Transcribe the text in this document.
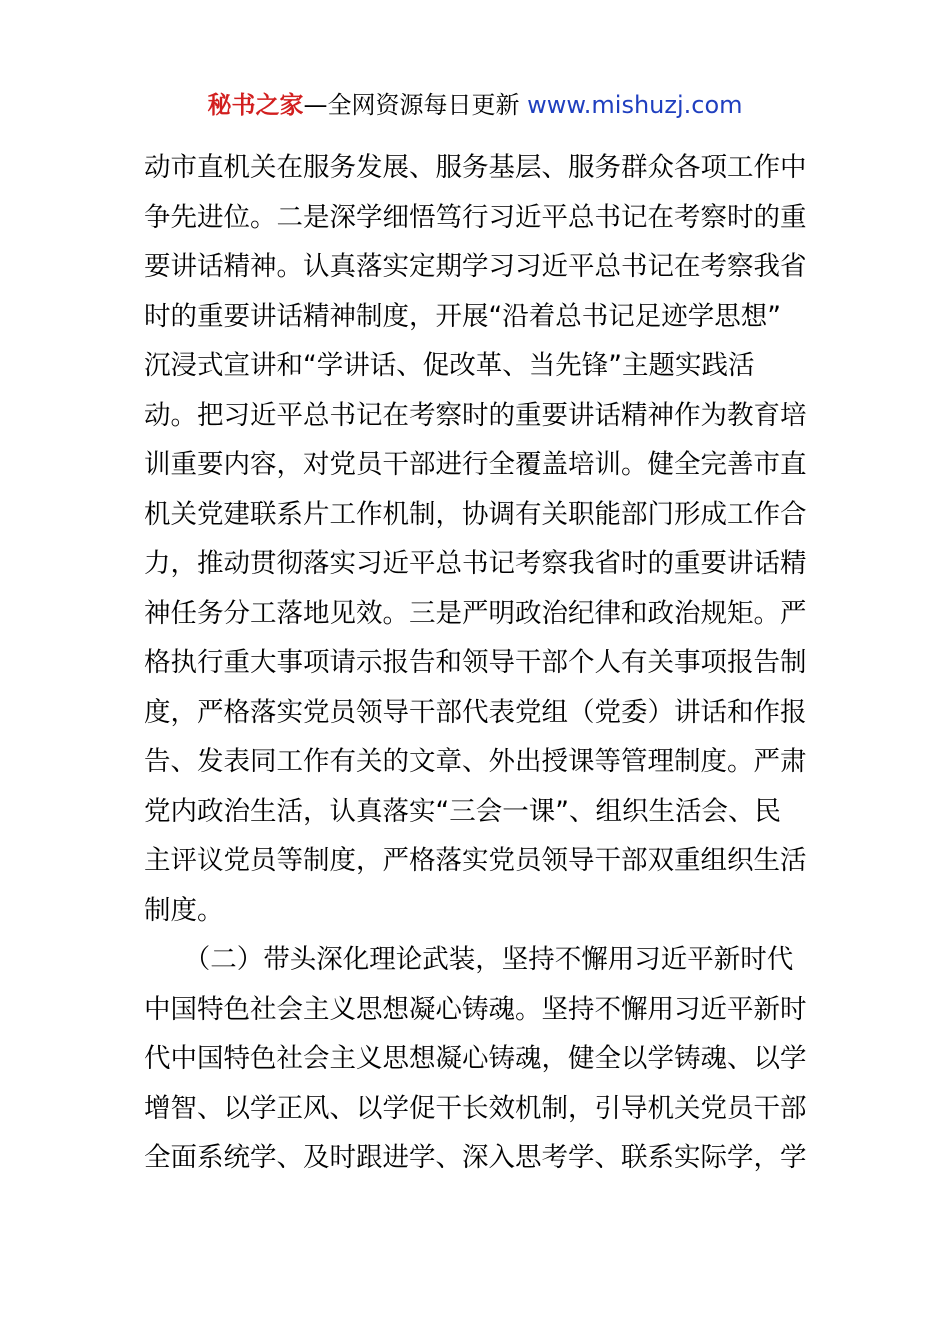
秘书之家—全网资源每日更新 www.mishuzj.com
动市直机关在服务发展、服务基层、服务群众各项工作中
争先进位。二是深学细悟笃行习近平总书记在考察时的重
要讲话精神。认真落实定期学习习近平总书记在考察我省
时的重要讲话精神制度，开展“沿着总书记足迹学思想”
沉浸式宣讲和“学讲话、促改革、当先锋”主题实践活
动。把习近平总书记在考察时的重要讲话精神作为教育培
训重要内容，对党员干部进行全覆盖培训。健全完善市直
机关党建联系片工作机制，协调有关职能部门形成工作合
力，推动贯彻落实习近平总书记考察我省时的重要讲话精
神任务分工落地见效。三是严明政治纪律和政治规矩。严
格执行重大事项请示报告和领导干部个人有关事项报告制
度，严格落实党员领导干部代表党组（党委）讲话和作报
告、发表同工作有关的文章、外出授课等管理制度。严肃
党内政治生活，认真落实“三会一课”、组织生活会、民
主评议党员等制度，严格落实党员领导干部双重组织生活
制度。
　　（二）带头深化理论武装，坚持不懈用习近平新时代
中国特色社会主义思想凝心铸魂。坚持不懈用习近平新时
代中国特色社会主义思想凝心铸魂，健全以学铸魂、以学
增智、以学正风、以学促干长效机制，引导机关党员干部
全面系统学、及时跟进学、深入思考学、联系实际学，学
